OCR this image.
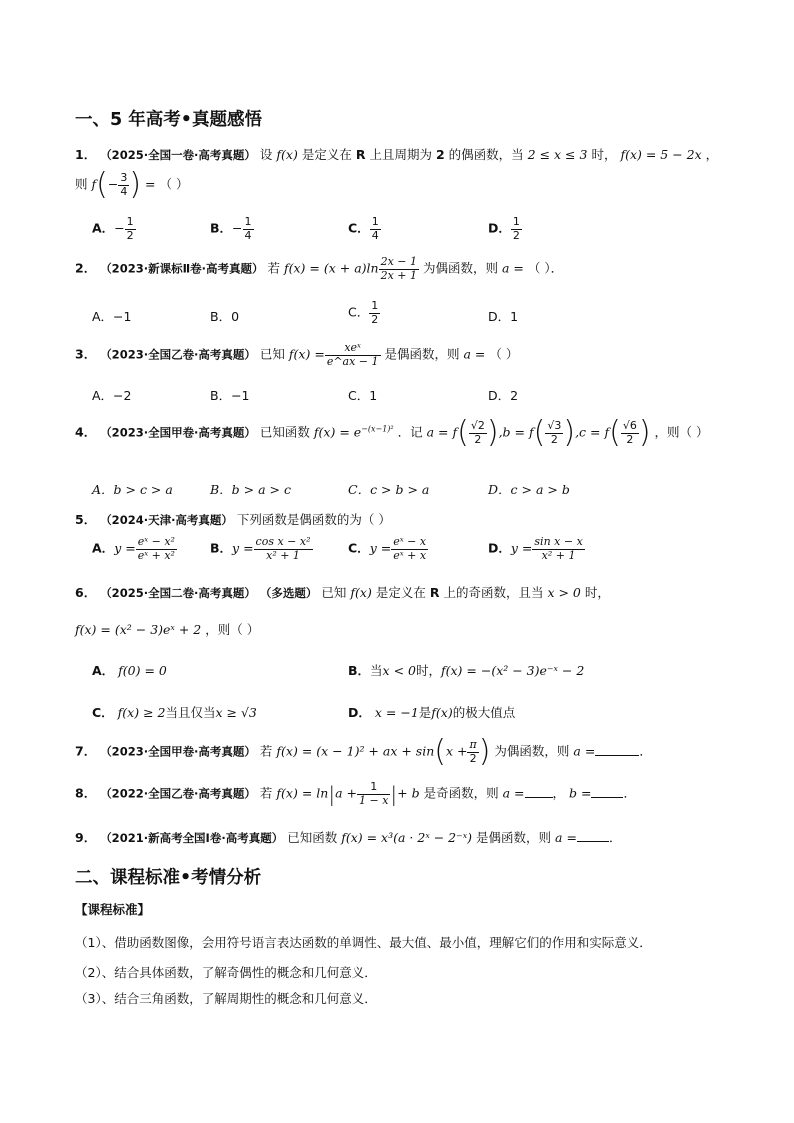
一、5 年高考•真题感悟
1． （2025·全国一卷·高考真题） 设 f(x) 是定义在 R 上且周期为 2 的偶函数，当 2 ≤ x ≤ 3 时， f(x) = 5 − 2x ，
则 $f(- \frac{3}{4}$ ) = （ ）
A．− $\frac{1}{2}$	B．− $\frac{1}{4}$	C． $\frac{1}{4}$	D． $\frac{1}{2}$
2． （2023·新课标Ⅱ卷·高考真题） 若 $f(x) = (x + a)\ln \frac{2x - 1}{2x + 1}$ 为偶函数，则 a = （ ）．
A．−1	B．0	C． $\frac{1}{2}$	D．1
3． （2023·全国乙卷·高考真题） 已知 $f(x) = \frac{\text{xeˣ}}{e\^{}ax - 1}$ 是偶函数，则 a = （ ）
A．−2	B．−1	C．1	D．2
4． （2023·全国甲卷·高考真题） 已知函数 $f(x) = e^{-(x-1)^2}$ ．记 $a = f( \frac{√2}{2} ),b = f( \frac{√3}{2} ),c = f( \frac{√6}{2}$ ) ，则（ ）
A．b > c > a	B．b > a > c	C．c > b > a	D．c > a > b
5． （2024·天津·高考真题） 下列函数是偶函数的为（ ）
A．$y = \frac{\text{eˣ − x²}}{\text{eˣ + x²}}$	B．$y = \frac{\text{cos x − x²}}{\text{x² + 1}}$	C．$y = \frac{\text{eˣ − x}}{\text{eˣ + x}}$	D．$y = \frac{\text{sin x − x}}{\text{x² + 1}}$
6． （2025·全国二卷·高考真题） （多选题） 已知 f(x) 是定义在 R 上的奇函数，且当 x > 0 时，
f(x) = (x² − 3)eˣ + 2 ，则（ ）
A． f(0) = 0	B．当x < 0时，f(x) = −(x² − 3)e⁻ˣ − 2
C． f(x) ≥ 2当且仅当x ≥ √3	D． x = −1是f(x)的极大值点
7． （2023·全国甲卷·高考真题） 若 f(x) = (x − 1)² + ax + $\sin(x + \frac{\pi}{2}$ ) 为偶函数，则 a =	．
8． （2022·全国乙卷·高考真题） 若 $f(x) = \ln|a + \frac{1}{1 - x}$ |+ b 是奇函数，则 a = ， b =	．
9． （2021·新高考全国Ⅰ卷·高考真题） 已知函数 f(x) = x³(a · 2ˣ − 2⁻ˣ) 是偶函数，则 a =	．
二、课程标准•考情分析
【课程标准】
（1）、借助函数图像，会用符号语言表达函数的单调性、最大值、最小值，理解它们的作用和实际意义．
（2）、结合具体函数，了解奇偶性的概念和几何意义．
（3）、结合三角函数，了解周期性的概念和几何意义．
